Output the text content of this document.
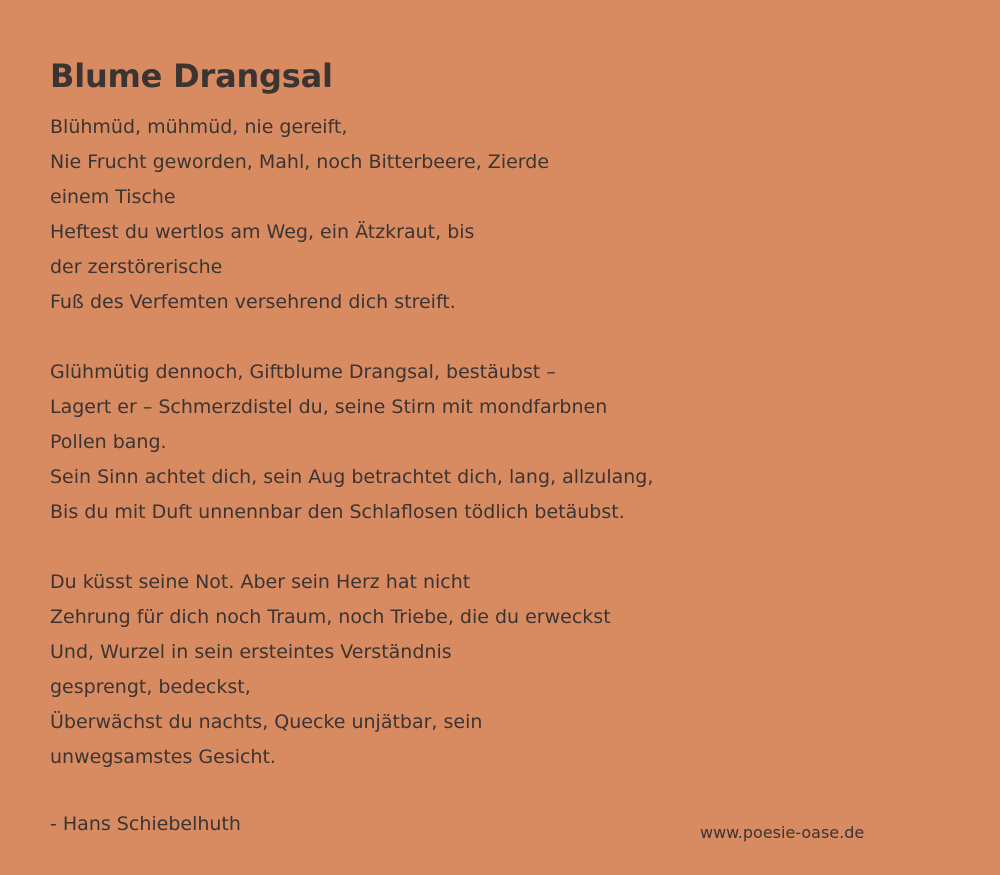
Blume Drangsal
Blühmüd, mühmüd, nie gereift,
Nie Frucht geworden, Mahl, noch Bitterbeere, Zierde
einem Tische
Heftest du wertlos am Weg, ein Ätzkraut, bis
der zerstörerische
Fuß des Verfemten versehrend dich streift.
Glühmütig dennoch, Giftblume Drangsal, bestäubst –
Lagert er – Schmerzdistel du, seine Stirn mit mondfarbnen
Pollen bang.
Sein Sinn achtet dich, sein Aug betrachtet dich, lang, allzulang,
Bis du mit Duft unnennbar den Schlaflosen tödlich betäubst.
Du küsst seine Not. Aber sein Herz hat nicht
Zehrung für dich noch Traum, noch Triebe, die du erweckst
Und, Wurzel in sein ersteintes Verständnis
gesprengt, bedeckst,
Überwächst du nachts, Quecke unjätbar, sein
unwegsamstes Gesicht.
- Hans Schiebelhuth	www.poesie-oase.de
